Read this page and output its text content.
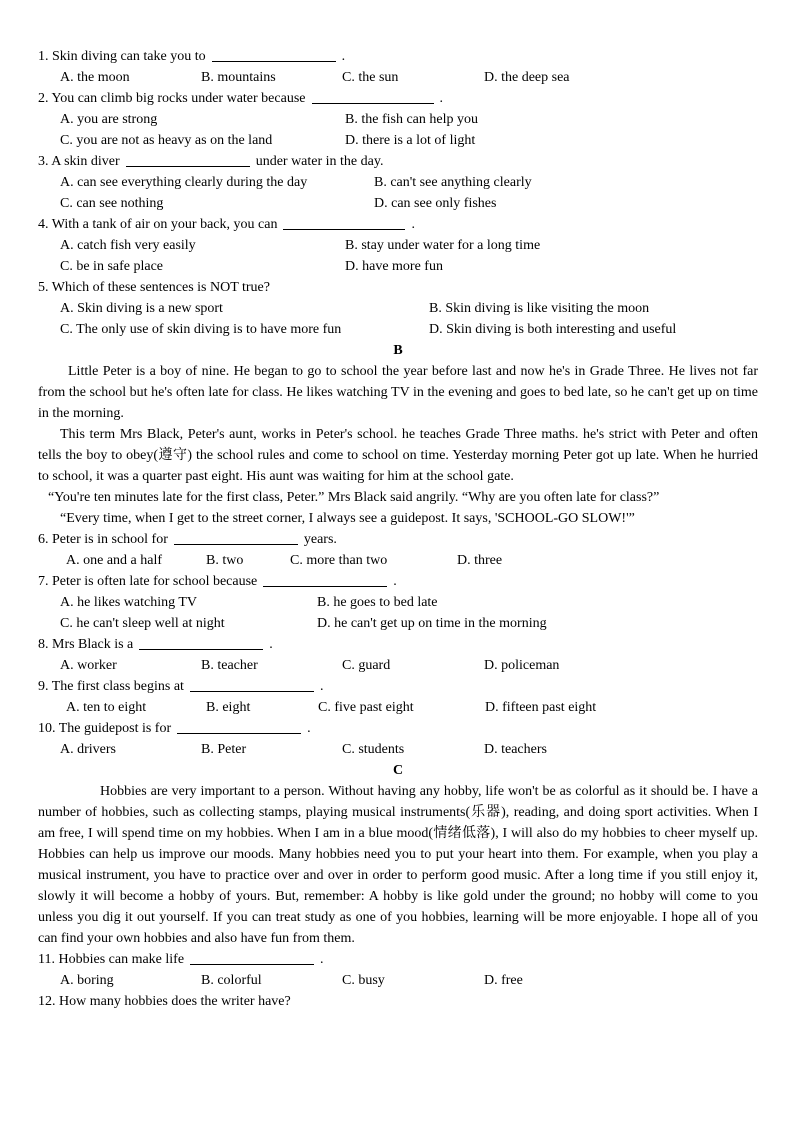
1. Skin diving can take you to	.
A. the moon	B. mountains	C. the sun	D. the deep sea
2. You can climb big rocks under water because	.
A. you are strong	B. the fish can help you
C. you are not as heavy as on the land	D. there is a lot of light
3. A skin diver	under water in the day.
A. can see everything clearly during the day	B. can't see anything clearly
C. can see nothing	D. can see only fishes
4. With a tank of air on your back, you can	.
A. catch fish very easily	B. stay under water for a long time
C. be in safe place	D. have more fun
5. Which of these sentences is NOT true?
A. Skin diving is a new sport	B. Skin diving is like visiting the moon
C. The only use of skin diving is to have more fun	D. Skin diving is both interesting and useful
B

Little Peter is a boy of nine. He began to go to school the year before last and now he's in Grade Three. He lives not far from the school but he's often late for class. He likes watching TV in the evening and goes to bed late, so he can't get up on time in the morning.

This term Mrs Black, Peter's aunt, works in Peter's school. he teaches Grade Three maths. he's strict with Peter and often tells the boy to obey(遵守) the school rules and come to school on time. Yesterday morning Peter got up late. When he hurried to school, it was a quarter past eight. His aunt was waiting for him at the school gate.

“You're ten minutes late for the first class, Peter.” Mrs Black said angrily. “Why are you often late for class?”

“Every time, when I get to the street corner, I always see a guidepost. It says, 'SCHOOL-GO SLOW!'”

6. Peter is in school for	years.
A. one and a half	B. two	C. more than two	D. three
7. Peter is often late for school because	.
A. he likes watching TV	B. he goes to bed late
C. he can't sleep well at night	D. he can't get up on time in the morning
8. Mrs Black is a	.
A. worker	B. teacher	C. guard	D. policeman
9. The first class begins at	.
A. ten to eight	B. eight	C. five past eight	D. fifteen past eight
10. The guidepost is for	.
A. drivers	B. Peter	C. students	D. teachers
C

Hobbies are very important to a person. Without having any hobby, life won't be as colorful as it should be. I have a number of hobbies, such as collecting stamps, playing musical instruments(乐器), reading, and doing sport activities. When I am free, I will spend time on my hobbies. When I am in a blue mood(情绪低落), I will also do my hobbies to cheer myself up. Hobbies can help us improve our moods. Many hobbies need you to put your heart into them. For example, when you play a musical instrument, you have to practice over and over in order to perform good music. After a long time if you still enjoy it, slowly it will become a hobby of yours. But, remember: A hobby is like gold under the ground; no hobby will come to you unless you dig it out yourself. If you can treat study as one of you hobbies, learning will be more enjoyable. I hope all of you can find your own hobbies and also have fun from them.

11. Hobbies can make life	.
A. boring	B. colorful	C. busy	D. free
12. How many hobbies does the writer have?
